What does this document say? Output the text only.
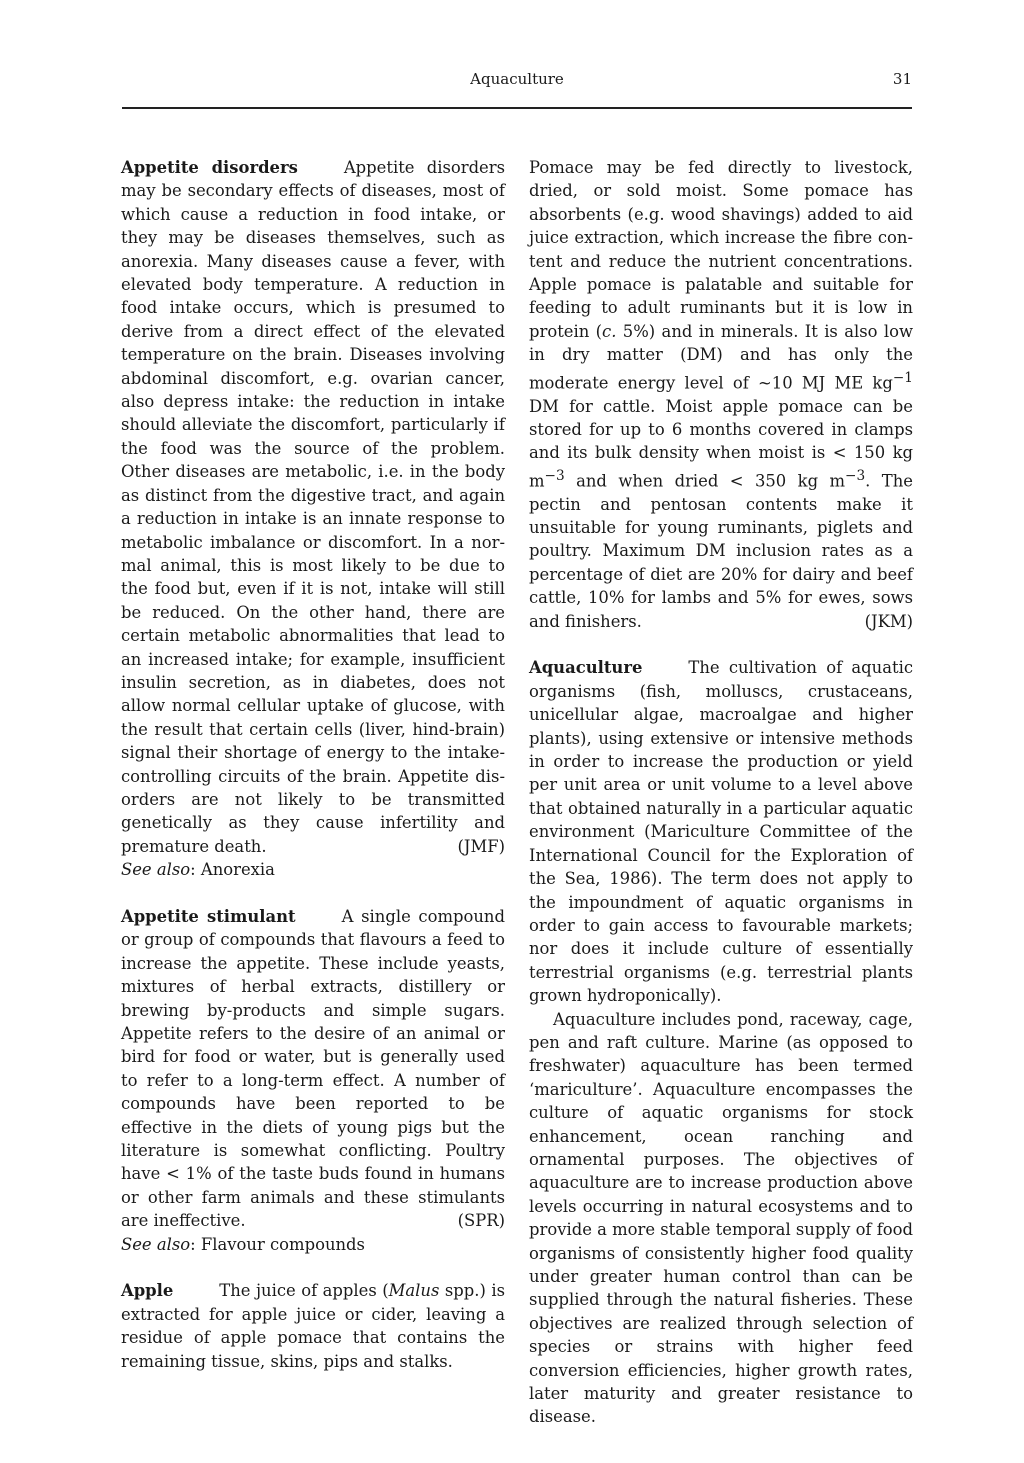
Aquaculture	31

Appetite disorders	Appetite disorders may be secondary effects of diseases, most of which cause a reduction in food intake, or they may be diseases themselves, such as anorexia. Many diseases cause a fever, with elevated body temperature. A reduction in food intake occurs, which is presumed to derive from a direct effect of the elevated temperature on the brain. Diseases involving abdominal discomfort, e.g. ovarian cancer, also depress intake: the reduction in intake should alleviate the discomfort, particularly if the food was the source of the problem. Other diseases are metabolic, i.e. in the body as distinct from the digestive tract, and again a reduction in intake is an innate response to metabolic imbalance or discomfort. In a normal animal, this is most likely to be due to the food but, even if it is not, intake will still be reduced. On the other hand, there are certain metabolic abnormalities that lead to an increased intake; for example, insufficient insulin secretion, as in diabetes, does not allow normal cellular uptake of glucose, with the result that certain cells (liver, hind-brain) signal their shortage of energy to the intake-controlling circuits of the brain. Appetite disorders are not likely to be transmitted genetically as they cause infertility and premature death.	(JMF)

See also: Anorexia

Appetite stimulant	A single compound or group of compounds that flavours a feed to increase the appetite. These include yeasts, mixtures of herbal extracts, distillery or brewing by-products and simple sugars. Appetite refers to the desire of an animal or bird for food or water, but is generally used to refer to a long-term effect. A number of compounds have been reported to be effective in the diets of young pigs but the literature is somewhat conflicting. Poultry have < 1% of the taste buds found in humans or other farm animals and these stimulants are ineffective.	(SPR)

See also: Flavour compounds

Apple	The juice of apples (Malus spp.) is extracted for apple juice or cider, leaving a residue of apple pomace that contains the remaining tissue, skins, pips and stalks.

Pomace may be fed directly to livestock, dried, or sold moist. Some pomace has absorbents (e.g. wood shavings) added to aid juice extraction, which increase the fibre content and reduce the nutrient concentrations. Apple pomace is palatable and suitable for feeding to adult ruminants but it is low in protein (c. 5%) and in minerals. It is also low in dry matter (DM) and has only the moderate energy level of ~10 MJ ME $kg^{-1}$ DM for cattle. Moist apple pomace can be stored for up to 6 months covered in clamps and its bulk density when moist is < 150 kg $m^{-3}$ and when dried < 350 kg $m^{-3}$. The pectin and pentosan contents make it unsuitable for young ruminants, piglets and poultry. Maximum DM inclusion rates as a percentage of diet are 20% for dairy and beef cattle, 10% for lambs and 5% for ewes, sows and finishers.	(JKM)

Aquaculture	The cultivation of aquatic organisms (fish, molluscs, crustaceans, unicellular algae, macroalgae and higher plants), using extensive or intensive methods in order to increase the production or yield per unit area or unit volume to a level above that obtained naturally in a particular aquatic environment (Mariculture Committee of the International Council for the Exploration of the Sea, 1986). The term does not apply to the impoundment of aquatic organisms in order to gain access to favourable markets; nor does it include culture of essentially terrestrial organisms (e.g. terrestrial plants grown hydroponically).

Aquaculture includes pond, raceway, cage, pen and raft culture. Marine (as opposed to freshwater) aquaculture has been termed ‘mariculture’. Aquaculture encompasses the culture of aquatic organisms for stock enhancement, ocean ranching and ornamental purposes. The objectives of aquaculture are to increase production above levels occurring in natural ecosystems and to provide a more stable temporal supply of food organisms of consistently higher food quality under greater human control than can be supplied through the natural fisheries. These objectives are realized through selection of species or strains with higher feed conversion efficiencies, higher growth rates, later maturity and greater resistance to disease.
